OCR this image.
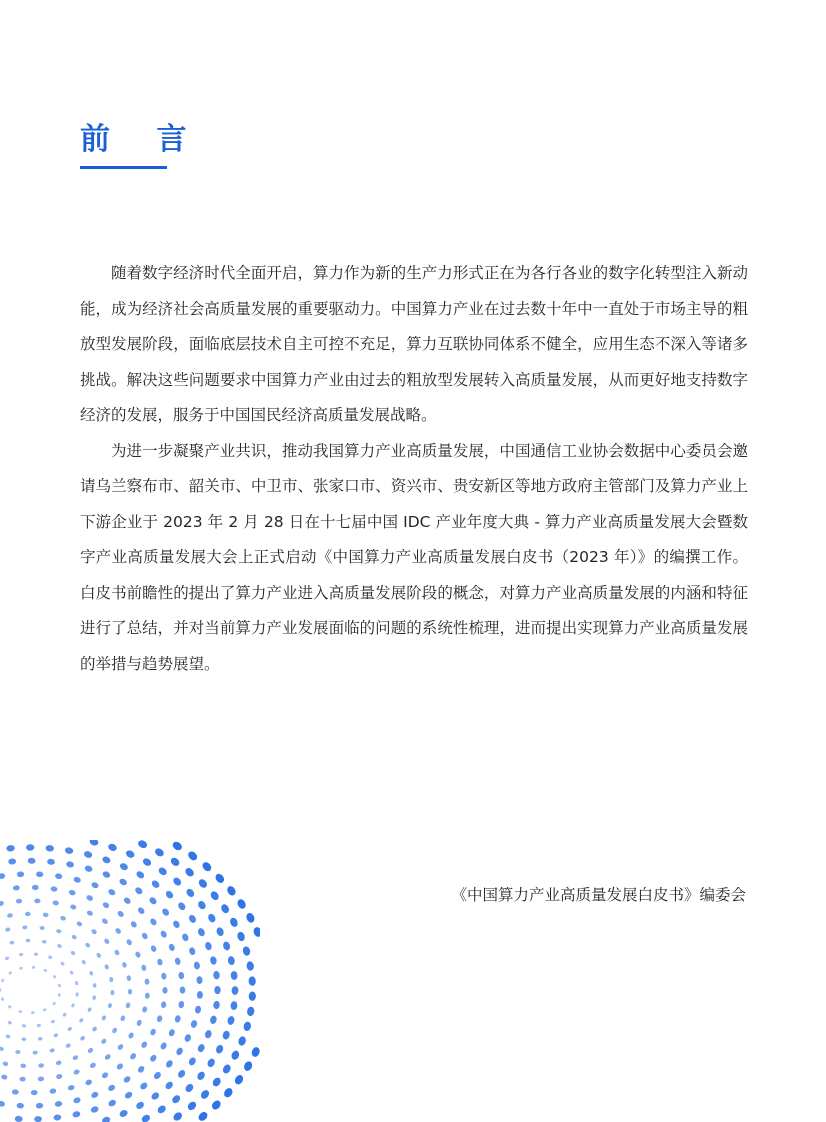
前 言

随着数字经济时代全面开启，算力作为新的生产力形式正在为各行各业的数字化转型注入新动能，成为经济社会高质量发展的重要驱动力。中国算力产业在过去数十年中一直处于市场主导的粗放型发展阶段，面临底层技术自主可控不充足，算力互联协同体系不健全，应用生态不深入等诸多挑战。解决这些问题要求中国算力产业由过去的粗放型发展转入高质量发展，从而更好地支持数字经济的发展，服务于中国国民经济高质量发展战略。

为进一步凝聚产业共识，推动我国算力产业高质量发展，中国通信工业协会数据中心委员会邀请乌兰察布市、韶关市、中卫市、张家口市、资兴市、贵安新区等地方政府主管部门及算力产业上下游企业于 2023 年 2 月 28 日在十七届中国 IDC 产业年度大典 - 算力产业高质量发展大会暨数字产业高质量发展大会上正式启动《中国算力产业高质量发展白皮书（2023 年）》的编撰工作。白皮书前瞻性的提出了算力产业进入高质量发展阶段的概念，对算力产业高质量发展的内涵和特征进行了总结，并对当前算力产业发展面临的问题的系统性梳理，进而提出实现算力产业高质量发展的举措与趋势展望。

《中国算力产业高质量发展白皮书》编委会
